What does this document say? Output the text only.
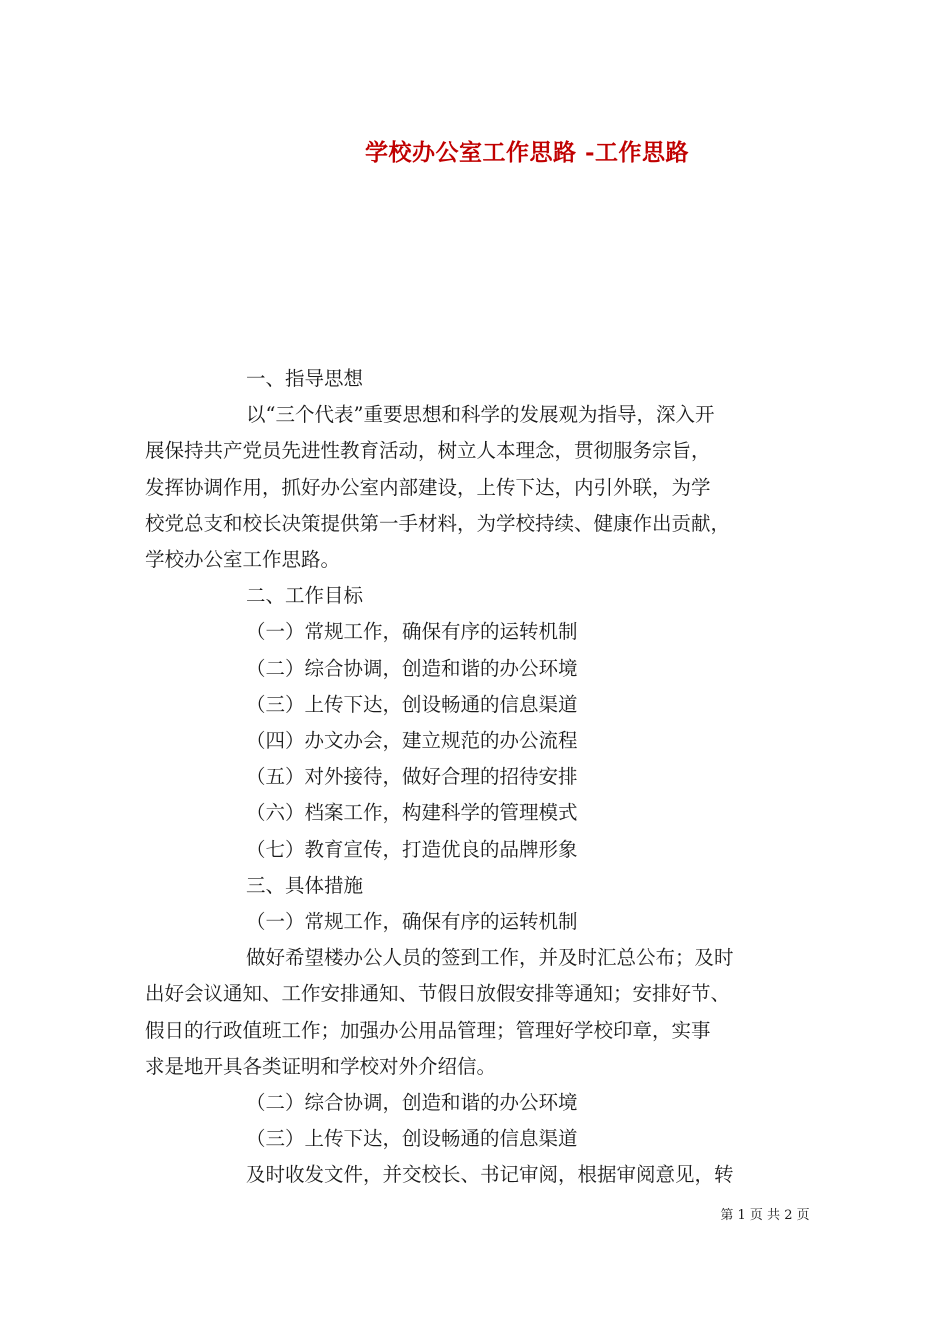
学校办公室工作思路 -工作思路

一、指导思想

以“三个代表”重要思想和科学的发展观为指导，深入开

展保持共产党员先进性教育活动，树立人本理念，贯彻服务宗旨，

发挥协调作用，抓好办公室内部建设，上传下达，内引外联，为学

校党总支和校长决策提供第一手材料，为学校持续、健康作出贡献，

学校办公室工作思路。

二、工作目标

（一）常规工作，确保有序的运转机制

（二）综合协调，创造和谐的办公环境

（三）上传下达，创设畅通的信息渠道

（四）办文办会，建立规范的办公流程

（五）对外接待，做好合理的招待安排

（六）档案工作，构建科学的管理模式

（七）教育宣传，打造优良的品牌形象

三、具体措施

（一）常规工作，确保有序的运转机制

做好希望楼办公人员的签到工作，并及时汇总公布；及时

出好会议通知、工作安排通知、节假日放假安排等通知；安排好节、

假日的行政值班工作；加强办公用品管理；管理好学校印章，实事

求是地开具各类证明和学校对外介绍信。

（二）综合协调，创造和谐的办公环境

（三）上传下达，创设畅通的信息渠道

及时收发文件，并交校长、书记审阅，根据审阅意见，转

第 1 页 共 2 页
